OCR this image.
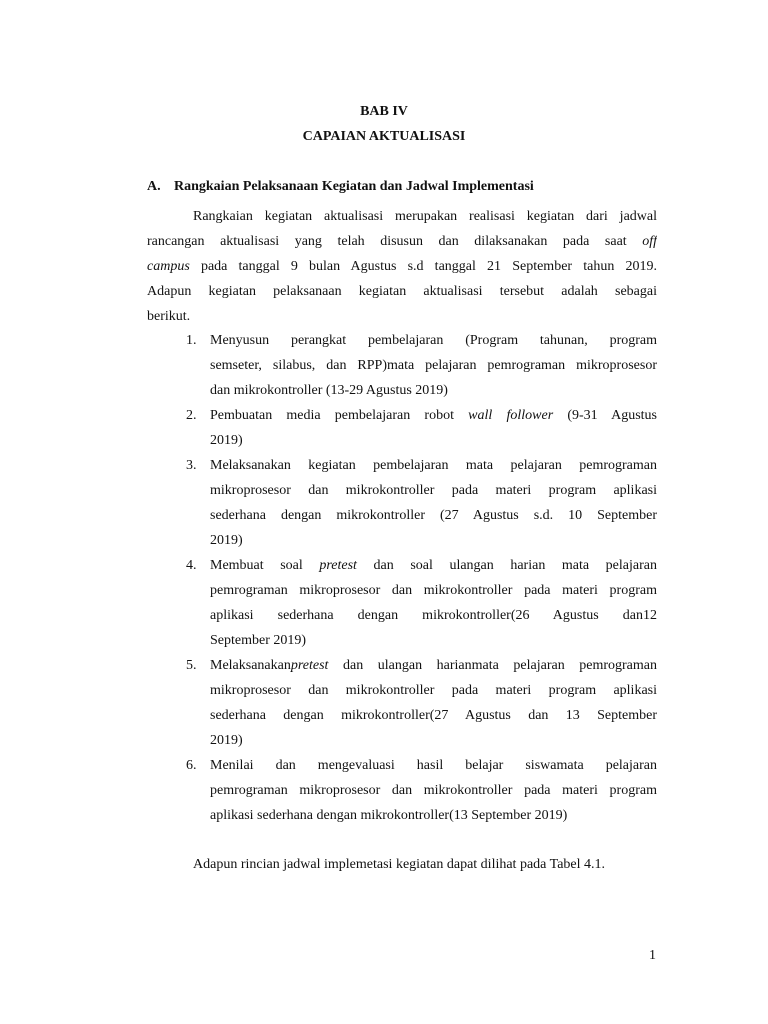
BAB IV
CAPAIAN AKTUALISASI
A. Rangkaian Pelaksanaan Kegiatan dan Jadwal Implementasi
Rangkaian kegiatan aktualisasi merupakan realisasi kegiatan dari jadwal
rancangan aktualisasi yang telah disusun dan dilaksanakan pada saat off
campus pada tanggal 9 bulan Agustus s.d tanggal 21 September tahun 2019.
Adapun kegiatan pelaksanaan kegiatan aktualisasi tersebut adalah sebagai
berikut.
1. Menyusun perangkat pembelajaran (Program tahunan, program
semseter, silabus, dan RPP)mata pelajaran pemrograman mikroprosesor
dan mikrokontroller (13-29 Agustus 2019)
2. Pembuatan media pembelajaran robot wall follower (9-31 Agustus
2019)
3. Melaksanakan kegiatan pembelajaran mata pelajaran pemrograman
mikroprosesor dan mikrokontroller pada materi program aplikasi
sederhana dengan mikrokontroller (27 Agustus s.d. 10 September
2019)
4. Membuat soal pretest dan soal ulangan harian mata pelajaran
pemrograman mikroprosesor dan mikrokontroller pada materi program
aplikasi sederhana dengan mikrokontroller(26 Agustus dan12
September 2019)
5. Melaksanakanpretest dan ulangan harianmata pelajaran pemrograman
mikroprosesor dan mikrokontroller pada materi program aplikasi
sederhana dengan mikrokontroller(27 Agustus dan 13 September
2019)
6. Menilai dan mengevaluasi hasil belajar siswamata pelajaran
pemrograman mikroprosesor dan mikrokontroller pada materi program
aplikasi sederhana dengan mikrokontroller(13 September 2019)
Adapun rincian jadwal implemetasi kegiatan dapat dilihat pada Tabel 4.1.
1
